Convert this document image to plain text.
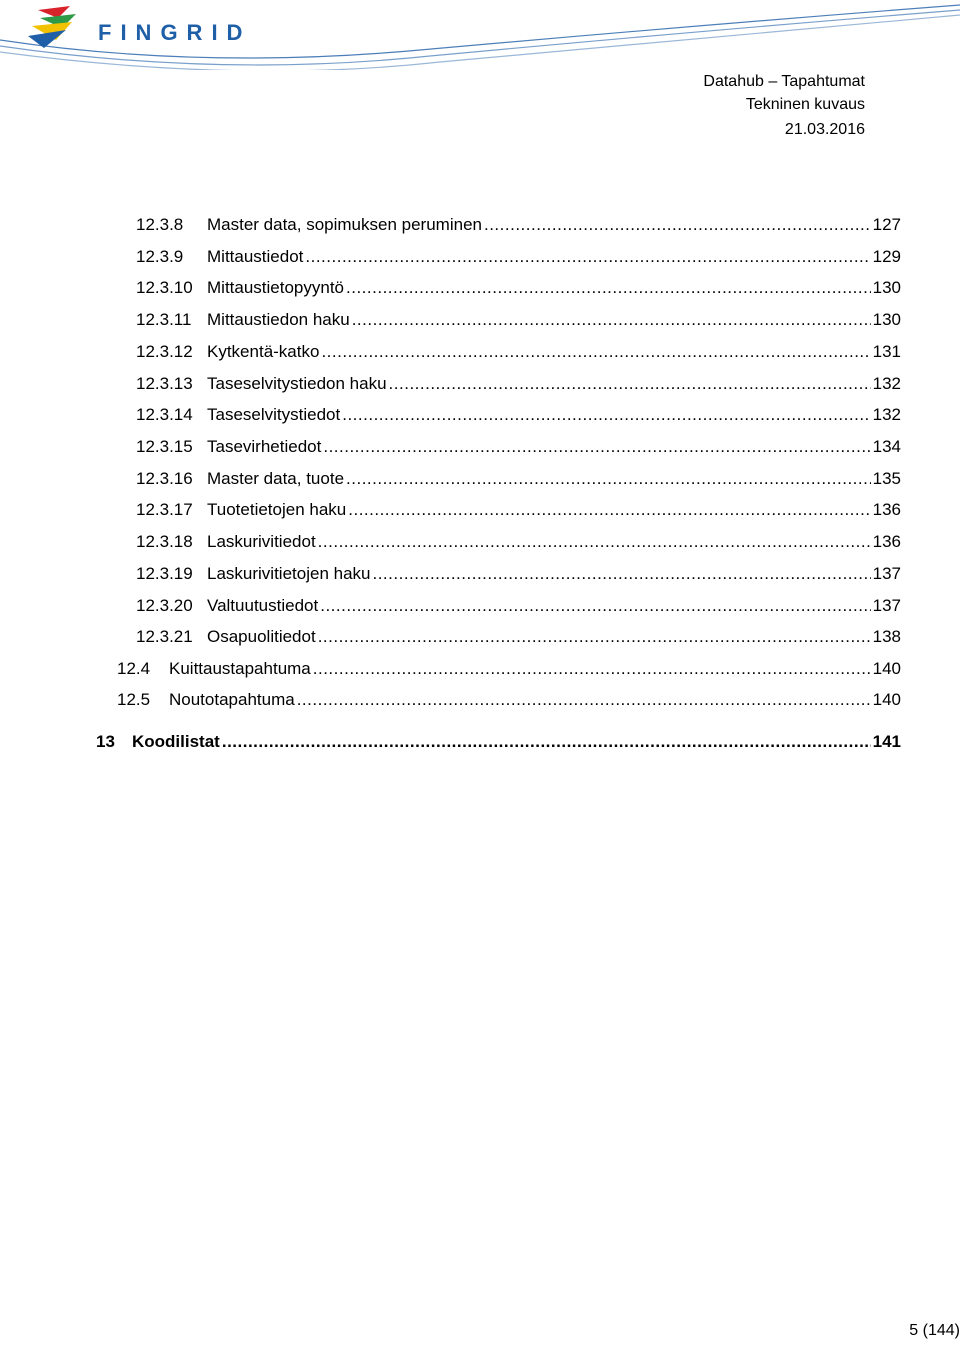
FINGRID
Datahub – Tapahtumat
Tekninen kuvaus
21.03.2016
12.3.8	Master data, sopimuksen peruminen .....	127
12.3.9	Mittaustiedot .....	129
12.3.10 Mittaustietopyyntö .....	130
12.3.11 Mittaustiedon haku .....	130
12.3.12 Kytkentä-katko .....	131
12.3.13 Taseselvitystiedon haku .....	132
12.3.14 Taseselvitystiedot .....	132
12.3.15 Tasevirhetiedot .....	134
12.3.16 Master data, tuote .....	135
12.3.17 Tuotetietojen haku .....	136
12.3.18 Laskurivitiedot .....	136
12.3.19 Laskurivitietojen haku .....	137
12.3.20 Valtuutustiedot .....	137
12.3.21 Osapuolitiedot .....	138
12.4	Kuittaustapahtuma .....	140
12.5	Noutotapahtuma .....	140
13	Koodilistat .....	141
5 (144)
